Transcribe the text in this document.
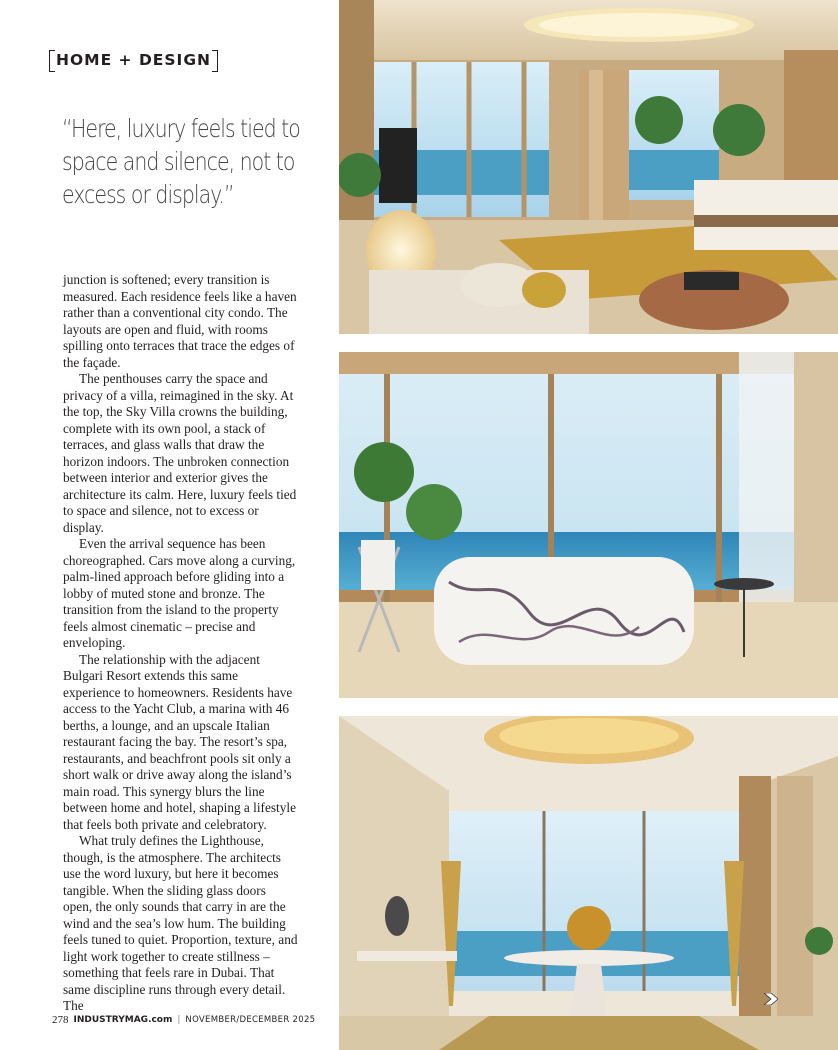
HOME + DESIGN
“Here, luxury feels tied to space and silence, not to excess or display.”

junction is softened; every transition is measured. Each residence feels like a haven rather than a conventional city condo. The layouts are open and fluid, with rooms spilling onto terraces that trace the edges of the façade.

The penthouses carry the space and privacy of a villa, reimagined in the sky. At the top, the Sky Villa crowns the building, complete with its own pool, a stack of terraces, and glass walls that draw the horizon indoors. The unbroken connection between interior and exterior gives the architecture its calm. Here, luxury feels tied to space and silence, not to excess or display.

Even the arrival sequence has been choreographed. Cars move along a curving, palm-lined approach before gliding into a lobby of muted stone and bronze. The transition from the island to the property feels almost cinematic – precise and enveloping.

The relationship with the adjacent Bulgari Resort extends this same experience to homeowners. Residents have access to the Yacht Club, a marina with 46 berths, a lounge, and an upscale Italian restaurant facing the bay. The resort’s spa, restaurants, and beachfront pools sit only a short walk or drive away along the island’s main road. This synergy blurs the line between home and hotel, shaping a lifestyle that feels both private and celebratory.

What truly defines the Lighthouse, though, is the atmosphere. The architects use the word luxury, but here it becomes tangible. When the sliding glass doors open, the only sounds that carry in are the wind and the sea’s low hum. The building feels tuned to quiet. Proportion, texture, and light work together to create stillness – something that feels rare in Dubai. That same discipline runs through every detail. The

278 INDUSTRYMAG.com | NOVEMBER/DECEMBER 2025
